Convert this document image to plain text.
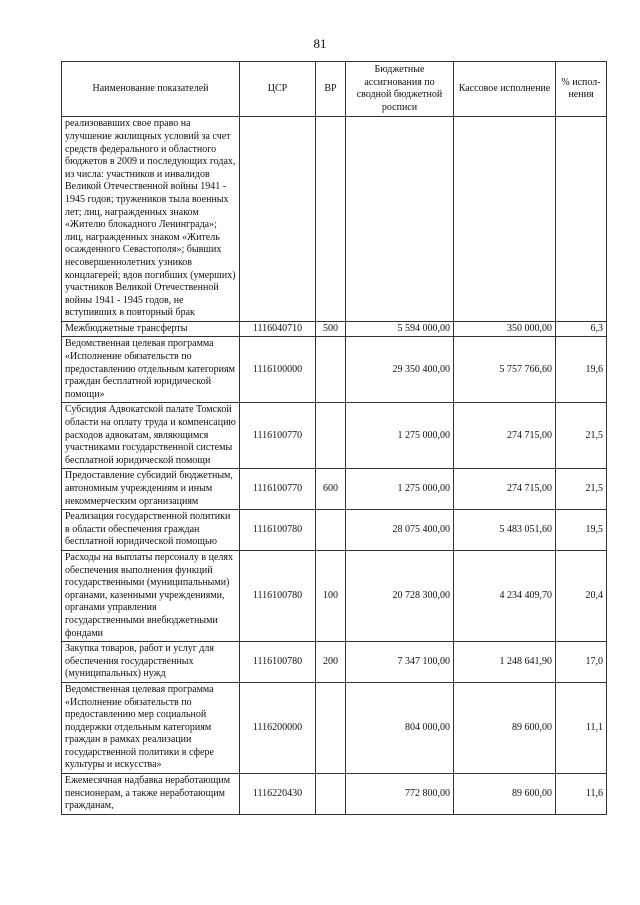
81
Наименование показателей	ЦСР	ВР	Бюджетные ассигнования по сводной бюджетной росписи	Кассовое исполнение	% испол-нения
реализовавших свое право на улучшение жилищных условий за счет средств федерального и областного бюджетов в 2009 и последующих годах, из числа: участников и инвалидов Великой Отечественной войны 1941 - 1945 годов; тружеников тыла военных лет; лиц, награжденных знаком «Жителю блокадного Ленинграда»; лиц, награжденных знаком «Житель осажденного Севастополя»; бывших несовершеннолетних узников концлагерей; вдов погибших (умерших) участников Великой Отечественной войны 1941 - 1945 годов, не вступивших в повторный брак					
Межбюджетные трансферты	1116040710	500	5 594 000,00	350 000,00	6,3
Ведомственная целевая программа «Исполнение обязательств по предоставлению отдельным категориям граждан бесплатной юридической помощи»	1116100000		29 350 400,00	5 757 766,60	19,6
Субсидия Адвокатской палате Томской области на оплату труда и компенсацию расходов адвокатам, являющимся участниками государственной системы бесплатной юридической помощи	1116100770		1 275 000,00	274 715,00	21,5
Предоставление субсидий бюджетным, автономным учреждениям и иным некоммерческим организациям	1116100770	600	1 275 000,00	274 715,00	21,5
Реализация государственной политики в области обеспечения граждан бесплатной юридической помощью	1116100780		28 075 400,00	5 483 051,60	19,5
Расходы на выплаты персоналу в целях обеспечения выполнения функций государственными (муниципальными) органами, казенными учреждениями, органами управления государственными внебюджетными фондами	1116100780	100	20 728 300,00	4 234 409,70	20,4
Закупка товаров, работ и услуг для обеспечения государственных (муниципальных) нужд	1116100780	200	7 347 100,00	1 248 641,90	17,0
Ведомственная целевая программа «Исполнение обязательств по предоставлению мер социальной поддержки отдельным категориям граждан в рамках реализации государственной политики в сфере культуры и искусства»	1116200000		804 000,00	89 600,00	11,1
Ежемесячная надбавка неработающим пенсионерам, а также неработающим гражданам,	1116220430		772 800,00	89 600,00	11,6
